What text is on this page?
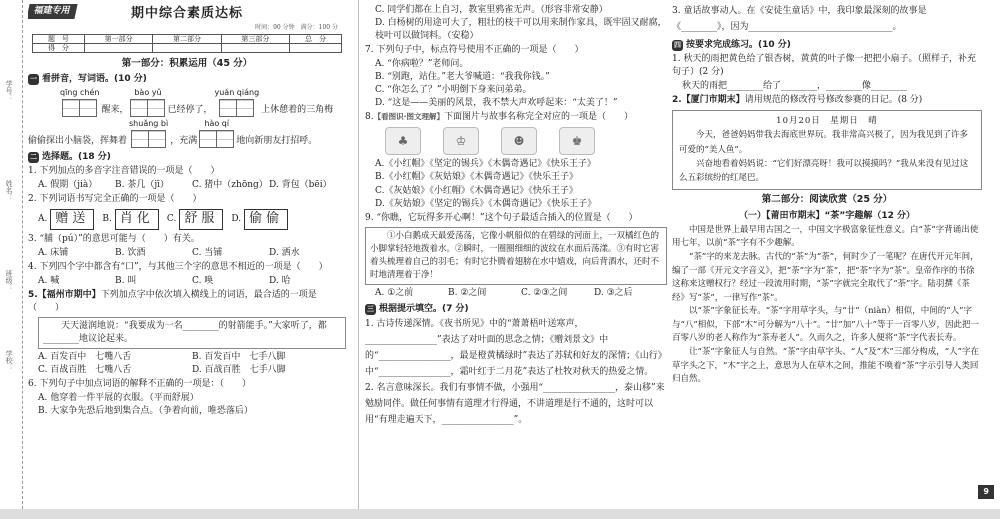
学号：
姓名：
班级：
学校：
福建专用	期中综合素质达标
时间：90 分钟　满分：100 分
题　号	第一部分	第二部分	第三部分	总　分
得　分				
第一部分：积累运用（45 分）
一 看拼音，写词语。(10 分)
qīng chén
醒来，
bào yǔ
已经停了，
yuán qiáng
上休憩着的三角梅
偷偷探出小脑袋，挥舞着
shuǎng bì
，充满
hào qí
地向新朋友打招呼。
二 选择题。(18 分)
1. 下列加点的多音字注音错误的一项是（　　）
A. 假期（jià）	B. 茶几（jī）	C. 猪中（zhōng） D. 背包（bēi）
2. 下列词语书写完全正确的一项是（　　）
A. 赠送	B. 肖化	C. 舒服	D. 偷偷
3. “脯（pú）”的意思可能与（　　）有关。
A. 床铺	B. 饮酒	C. 当铺	D. 洒水
4. 下列四个字中都含有“口”，与其他三个字的意思不相近的一项是（　　）
A. 喊	B. 叫	C. 唤	D. 哈
5.【福州市期中】下列加点字中依次填入横线上的词语，最合适的一项是（　　）
天天滋润地说：“我要成为一名________的射箭能手。”大家听了，都________地议论起来。
A. 百发百中　七嘴八舌	B. 百发百中　七手八脚
C. 百战百胜　七嘴八舌	D. 百战百胜　七手八脚
6. 下列句子中加点词语的解释不正确的一项是：（　　）
A. 他穿着一件平展的衣服。（平而舒展）
B. 大家争先恐后地到集合点。（争着向前，唯恐落后）
C. 同学们都在上自习，教室里鸦雀无声。（形容非常安静）
D. 白杨树的用途可大了，粗壮的枝干可以用来制作家具，既牢固又耐腐，枝叶可以做饲料。（安稳）
7. 下列句子中，标点符号使用不正确的一项是（　　）
A. “你病啦？”老师问。
B. “别跑，站住。”老大爷喊道：“我我你钱。”
C. “你怎么了？”小明倒下身来问弟弟。
D. “这是——美丽的风景，我不禁大声欢呼起来：“太美了！”
8.【看图识·图文理解】下面图片与故事名称完全对应的一项是（　　）
♣	♔	☻	♚
A.《小红帽》《坚定的锡兵》《木偶奇遇记》《快乐王子》
B.《小红帽》《灰姑娘》《木偶奇遇记》《快乐王子》
C.《灰姑娘》《小红帽》《木偶奇遇记》《快乐王子》
D.《灰姑娘》《坚定的锡兵》《木偶奇遇记》《快乐王子》
9. “你瞧，它玩得多开心啊！”这个句子最适合插入的位置是（　　）
①小白鹅成天最爱荡荡，它像小帆船似的在碧绿的河面上，一双橘红色的小脚掌轻轻地拨着水。②瞬时，一圈圈细细的波纹在水面后荡漾。③有时它害着头梳理着自己的羽毛；有时它扑腾着翅膀在水中嬉戏，向后背酒水，还时不时地清理着于净！
A. ①之前	B. ②之间	C. ②③之间	D. ③之后
三 根据提示填空。(7 分)
1. 古诗传递深情。《夜书所见》中的“萧萧梧叶送寒声，________________”表达了对叶面的思念之情；《赠刘景文》中的“________________，最是橙黄橘绿时”表达了苏轼和好友的深情；《山行》中“________________，霜叶红于二月花”表达了杜牧对秋天的热爱之情。
2. 名言意味深长。我们有事情不做，小强用“________________，泰山移”来勉励同伴。做任何事情有道理才行得通，不讲道理是行不通的，这时可以用“有理走遍天下，________________”。
3. 童话故事动人。在《安徒生童话》中，我印象最深刻的故事是《________》，因为________________________________。
四 按要求完成练习。(10 分)
1. 秋天的雨把黄色给了银杏树，黄黄的叶子像一把把小扇子。（照样子，补充句子）(2 分)
秋天的雨把________给了________，________像________
2.【厦门市期末】请用规范的修改符号修改参赛的日记。(8 分)
10月20日　星期日　晴

今天，爸爸妈妈带我去海底世界玩。我非常高兴极了，因为我见到了许多可爱的“美人鱼”。

兴奋地看着妈妈说：“它们好漂亮呀！我可以摸摸吗？”我从来没有见过这么五彩缤纷的红尾巴。

第二部分：阅读欣赏（25 分）
（一）【莆田市期末】“茶”字趣解（12 分）

中国是世界上最早用古国之一，中国文字极富象征性意义。白“茶”字背诵出使用七年，以前“茶”字有不少趣解。

“茶”字的来龙去脉。古代的“茶”为“荼”，何时少了一笔呢？在唐代开元年间，编了一部《开元文字音义》，把“荼”字为“茶”，把“荼”字为“茶”。皇帝作序的书徐这称来这赠权行？经过一段流用时期，“茶”字就完全取代了“荼”字。陆羽撰《茶经》写“茶”，一律写作“茶”。

以“茶”字象征长寿。“茶”字用草字头，与“廿”（niàn）相似，中间的“人”字与“八”相似，下部“木”可分解为“八十”。“廿”加“八十”等于一百零八岁，因此把一百零八岁的老人称作为“茶寿老人”。久而久之，许多人便将“茶”字代表长寿。

让“茶”字象征人与自然。“茶”字由草字头、“人”及“木”三部分构成，“人”字在草字头之下，“木”字之上，意思为人在草木之间，推能不唤着“茶”字示引导人类回归自然。

9
